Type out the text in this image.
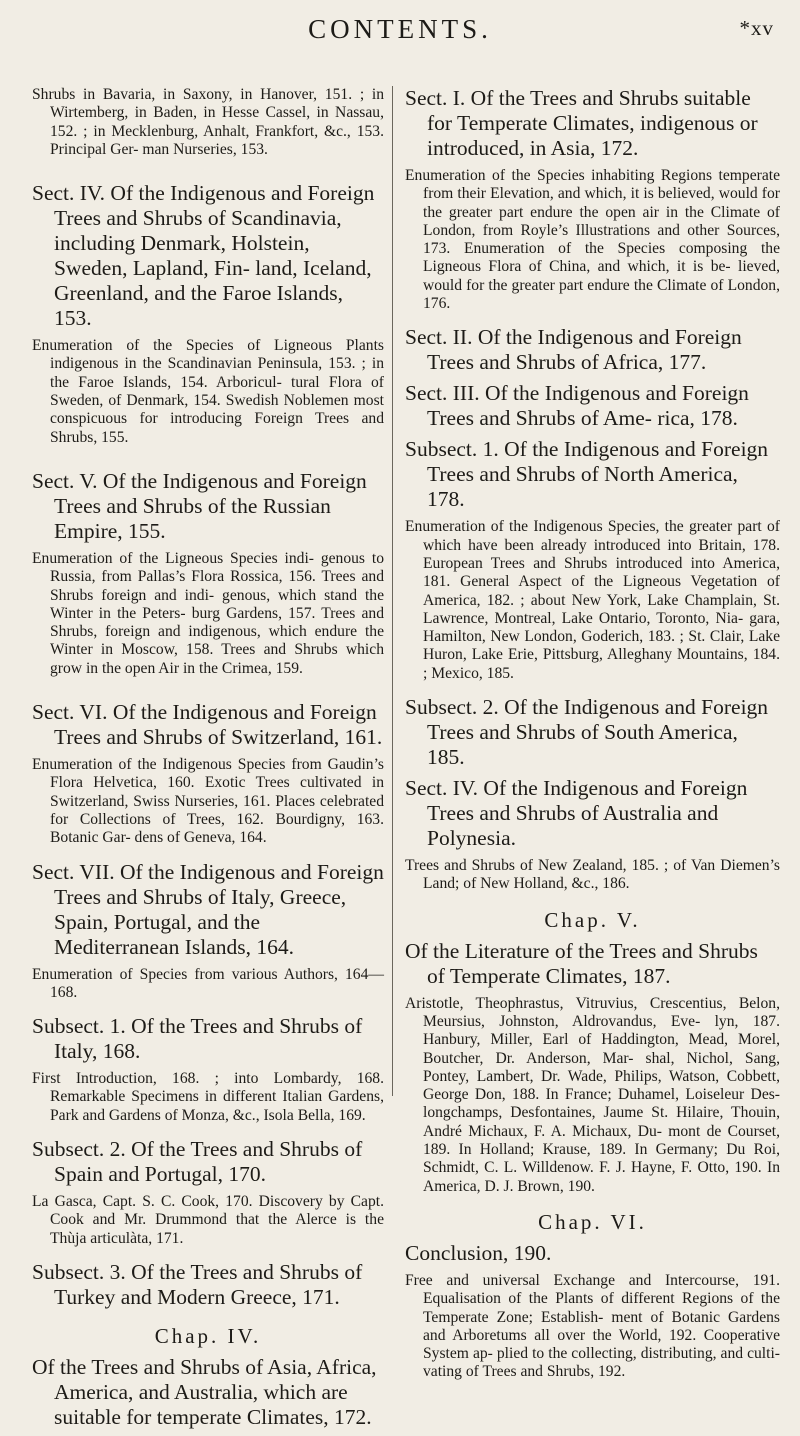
CONTENTS.	*xv

Shrubs in Bavaria, in Saxony, in Hanover, 151. ; in Wirtemberg, in Baden, in Hesse Cassel, in Nassau, 152. ; in Mecklenburg, Anhalt, Frankfort, &c., 153. Principal Ger- man Nurseries, 153.

Sect. IV. Of the Indigenous and Foreign Trees and Shrubs of Scandinavia, including Denmark, Holstein, Sweden, Lapland, Fin- land, Iceland, Greenland, and the Faroe Islands, 153.

Enumeration of the Species of Ligneous Plants indigenous in the Scandinavian Peninsula, 153. ; in the Faroe Islands, 154. Arboricul- tural Flora of Sweden, of Denmark, 154. Swedish Noblemen most conspicuous for introducing Foreign Trees and Shrubs, 155.

Sect. V. Of the Indigenous and Foreign Trees and Shrubs of the Russian Empire, 155.

Enumeration of the Ligneous Species indi- genous to Russia, from Pallas’s Flora Rossica, 156. Trees and Shrubs foreign and indi- genous, which stand the Winter in the Peters- burg Gardens, 157. Trees and Shrubs, foreign and indigenous, which endure the Winter in Moscow, 158. Trees and Shrubs which grow in the open Air in the Crimea, 159.

Sect. VI. Of the Indigenous and Foreign Trees and Shrubs of Switzerland, 161.

Enumeration of the Indigenous Species from Gaudin’s Flora Helvetica, 160. Exotic Trees cultivated in Switzerland, Swiss Nurseries, 161. Places celebrated for Collections of Trees, 162. Bourdigny, 163. Botanic Gar- dens of Geneva, 164.

Sect. VII. Of the Indigenous and Foreign Trees and Shrubs of Italy, Greece, Spain, Portugal, and the Mediterranean Islands, 164.

Enumeration of Species from various Authors, 164—168.

Subsect. 1. Of the Trees and Shrubs of Italy, 168.

First Introduction, 168. ; into Lombardy, 168. Remarkable Specimens in different Italian Gardens, Park and Gardens of Monza, &c., Isola Bella, 169.

Subsect. 2. Of the Trees and Shrubs of Spain and Portugal, 170.

La Gasca, Capt. S. C. Cook, 170. Discovery by Capt. Cook and Mr. Drummond that the Alerce is the Thùja articulàta, 171.

Subsect. 3. Of the Trees and Shrubs of Turkey and Modern Greece, 171.

Chap. IV.

Of the Trees and Shrubs of Asia, Africa, America, and Australia, which are suitable for temperate Climates, 172.

Sect. I. Of the Trees and Shrubs suitable for Temperate Climates, indigenous or introduced, in Asia, 172.

Enumeration of the Species inhabiting Regions temperate from their Elevation, and which, it is believed, would for the greater part endure the open air in the Climate of London, from Royle’s Illustrations and other Sources, 173. Enumeration of the Species composing the Ligneous Flora of China, and which, it is be- lieved, would for the greater part endure the Climate of London, 176.

Sect. II. Of the Indigenous and Foreign Trees and Shrubs of Africa, 177.

Sect. III. Of the Indigenous and Foreign Trees and Shrubs of Ame- rica, 178.

Subsect. 1. Of the Indigenous and Foreign Trees and Shrubs of North America, 178.

Enumeration of the Indigenous Species, the greater part of which have been already introduced into Britain, 178. European Trees and Shrubs introduced into America, 181. General Aspect of the Ligneous Vegetation of America, 182. ; about New York, Lake Champlain, St. Lawrence, Montreal, Lake Ontario, Toronto, Nia- gara, Hamilton, New London, Goderich, 183. ; St. Clair, Lake Huron, Lake Erie, Pittsburg, Alleghany Mountains, 184. ; Mexico, 185.

Subsect. 2. Of the Indigenous and Foreign Trees and Shrubs of South America, 185.

Sect. IV. Of the Indigenous and Foreign Trees and Shrubs of Australia and Polynesia.

Trees and Shrubs of New Zealand, 185. ; of Van Diemen’s Land; of New Holland, &c., 186.

Chap. V.

Of the Literature of the Trees and Shrubs of Temperate Climates, 187.

Aristotle, Theophrastus, Vitruvius, Crescentius, Belon, Meursius, Johnston, Aldrovandus, Eve- lyn, 187. Hanbury, Miller, Earl of Haddington, Mead, Morel, Boutcher, Dr. Anderson, Mar- shal, Nichol, Sang, Pontey, Lambert, Dr. Wade, Philips, Watson, Cobbett, George Don, 188. In France; Duhamel, Loiseleur Des- longchamps, Desfontaines, Jaume St. Hilaire, Thouin, André Michaux, F. A. Michaux, Du- mont de Courset, 189. In Holland; Krause, 189. In Germany; Du Roi, Schmidt, C. L. Willdenow. F. J. Hayne, F. Otto, 190. In America, D. J. Brown, 190.

Chap. VI.

Conclusion, 190.

Free and universal Exchange and Intercourse, 191. Equalisation of the Plants of different Regions of the Temperate Zone; Establish- ment of Botanic Gardens and Arboretums all over the World, 192. Cooperative System ap- plied to the collecting, distributing, and culti- vating of Trees and Shrubs, 192.
